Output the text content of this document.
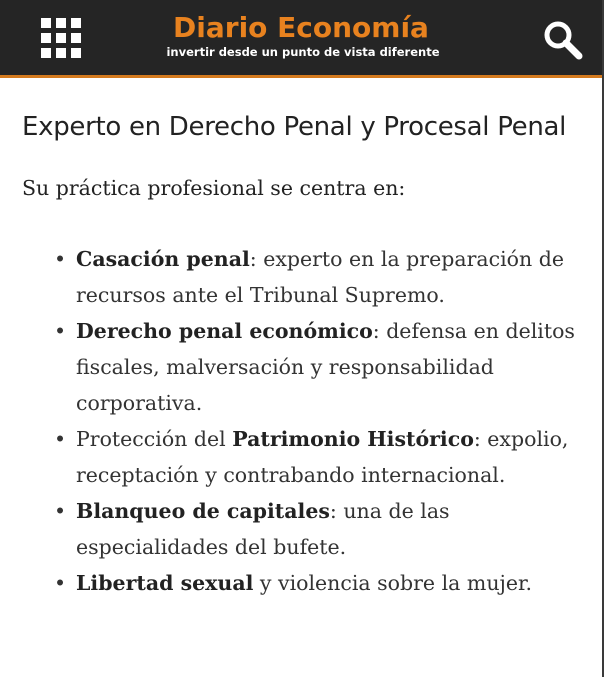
Diario Economía
invertir desde un punto de vista diferente
Experto en Derecho Penal y Procesal Penal

Su práctica profesional se centra en:

• Casación penal: experto en la preparación de recursos ante el Tribunal Supremo.
• Derecho penal económico: defensa en delitos fiscales, malversación y responsabilidad corporativa.
• Protección del Patrimonio Histórico: expolio, receptación y contrabando internacional.
• Blanqueo de capitales: una de las especialidades del bufete.
• Libertad sexual y violencia sobre la mujer.
